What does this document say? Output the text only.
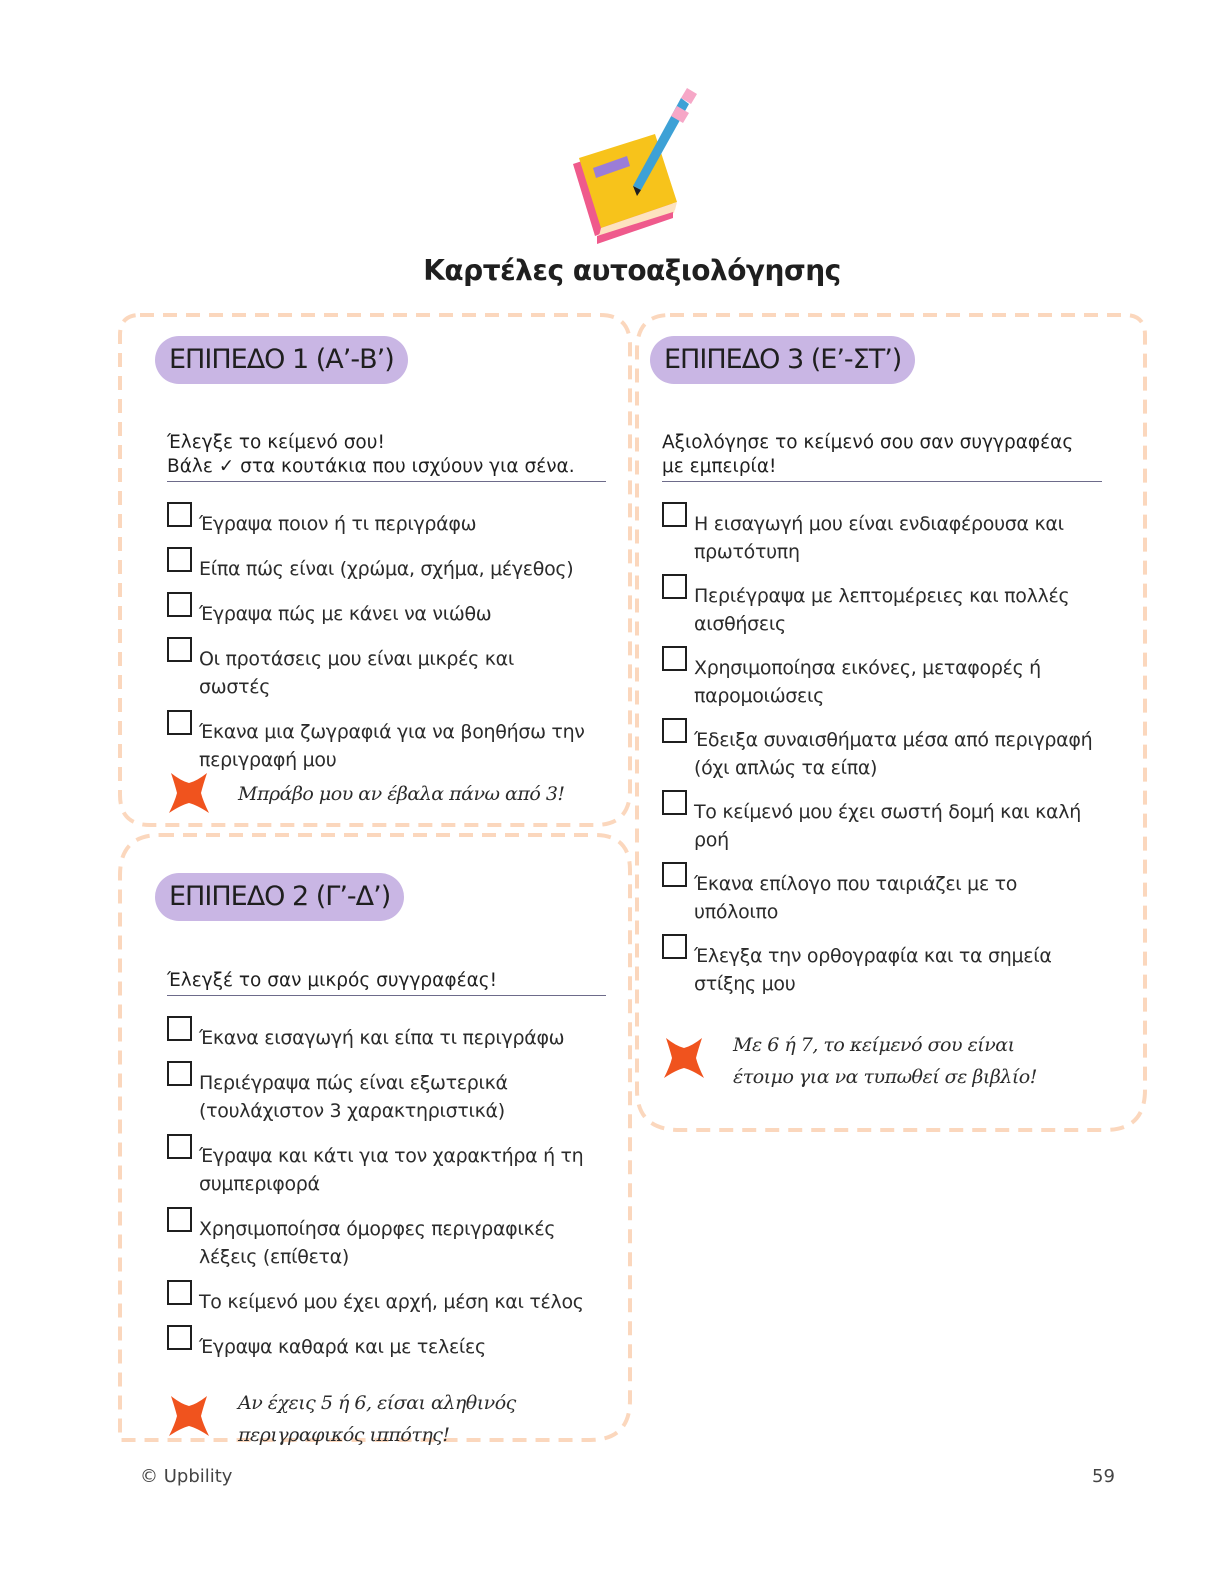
Καρτέλες αυτοαξιολόγησης
ΕΠΙΠΕΔΟ 1 (Α’-Β’)
Έλεγξε το κείμενό σου!
Βάλε ✓ στα κουτάκια που ισχύουν για σένα.
Έγραψα ποιον ή τι περιγράφω
Είπα πώς είναι (χρώμα, σχήμα, μέγεθος)
Έγραψα πώς με κάνει να νιώθω
Οι προτάσεις μου είναι μικρές και σωστές
Έκανα μια ζωγραφιά για να βοηθήσω την περιγραφή μου
Μπράβο μου αν έβαλα πάνω από 3!
ΕΠΙΠΕΔΟ 2 (Γ’-Δ’)
Έλεγξέ το σαν μικρός συγγραφέας!
Έκανα εισαγωγή και είπα τι περιγράφω
Περιέγραψα πώς είναι εξωτερικά (τουλάχιστον 3 χαρακτηριστικά)
Έγραψα και κάτι για τον χαρακτήρα ή τη συμπεριφορά
Χρησιμοποίησα όμορφες περιγραφικές λέξεις (επίθετα)
Το κείμενό μου έχει αρχή, μέση και τέλος
Έγραψα καθαρά και με τελείες
Αν έχεις 5 ή 6, είσαι αληθινός περιγραφικός ιππότης!
ΕΠΙΠΕΔΟ 3 (Ε’-ΣΤ’)
Αξιολόγησε το κείμενό σου σαν συγγραφέας
με εμπειρία!
Η εισαγωγή μου είναι ενδιαφέρουσα και πρωτότυπη
Περιέγραψα με λεπτομέρειες και πολλές αισθήσεις
Χρησιμοποίησα εικόνες, μεταφορές ή παρομοιώσεις
Έδειξα συναισθήματα μέσα από περιγραφή (όχι απλώς τα είπα)
Το κείμενό μου έχει σωστή δομή και καλή ροή
Έκανα επίλογο που ταιριάζει με το υπόλοιπο
Έλεγξα την ορθογραφία και τα σημεία στίξης μου
Με 6 ή 7, το κείμενό σου είναι έτοιμο για να τυπωθεί σε βιβλίο!
© Upbility	59
